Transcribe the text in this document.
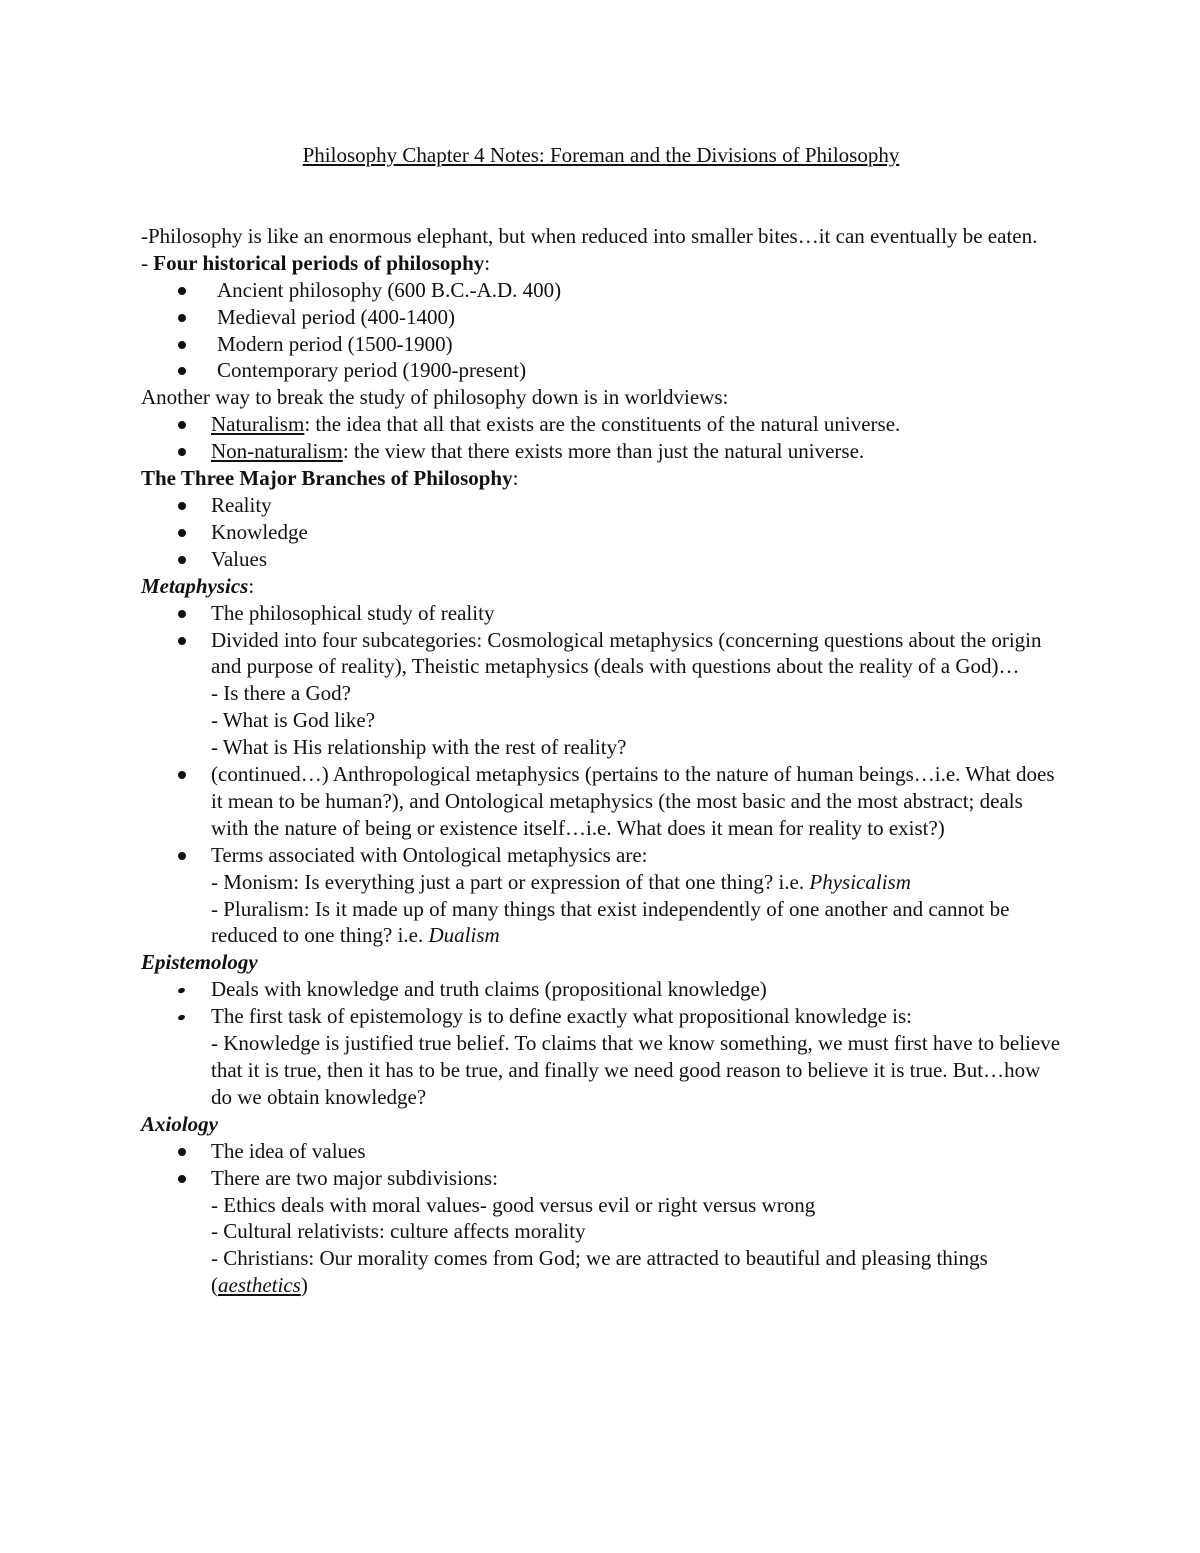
Philosophy Chapter 4 Notes: Foreman and the Divisions of Philosophy

-Philosophy is like an enormous elephant, but when reduced into smaller bites…it can eventually be eaten.

- Four historical periods of philosophy:

Ancient philosophy (600 B.C.-A.D. 400)
Medieval period (400-1400)
Modern period (1500-1900)
Contemporary period (1900-present)

Another way to break the study of philosophy down is in worldviews:

Naturalism: the idea that all that exists are the constituents of the natural universe.
Non-naturalism: the view that there exists more than just the natural universe.

The Three Major Branches of Philosophy:

Reality
Knowledge
Values

Metaphysics:

The philosophical study of reality
Divided into four subcategories: Cosmological metaphysics (concerning questions about the origin and purpose of reality), Theistic metaphysics (deals with questions about the reality of a God)…
- Is there a God?
- What is God like?
- What is His relationship with the rest of reality?
(continued…) Anthropological metaphysics (pertains to the nature of human beings…i.e. What does it mean to be human?), and Ontological metaphysics (the most basic and the most abstract; deals with the nature of being or existence itself…i.e. What does it mean for reality to exist?)
Terms associated with Ontological metaphysics are:
- Monism: Is everything just a part or expression of that one thing? i.e. Physicalism
- Pluralism: Is it made up of many things that exist independently of one another and cannot be reduced to one thing? i.e. Dualism

Epistemology

Deals with knowledge and truth claims (propositional knowledge)
The first task of epistemology is to define exactly what propositional knowledge is:
- Knowledge is justified true belief. To claims that we know something, we must first have to believe that it is true, then it has to be true, and finally we need good reason to believe it is true. But…how do we obtain knowledge?

Axiology

The idea of values
There are two major subdivisions:
- Ethics deals with moral values- good versus evil or right versus wrong
- Cultural relativists: culture affects morality
- Christians: Our morality comes from God; we are attracted to beautiful and pleasing things (aesthetics)
